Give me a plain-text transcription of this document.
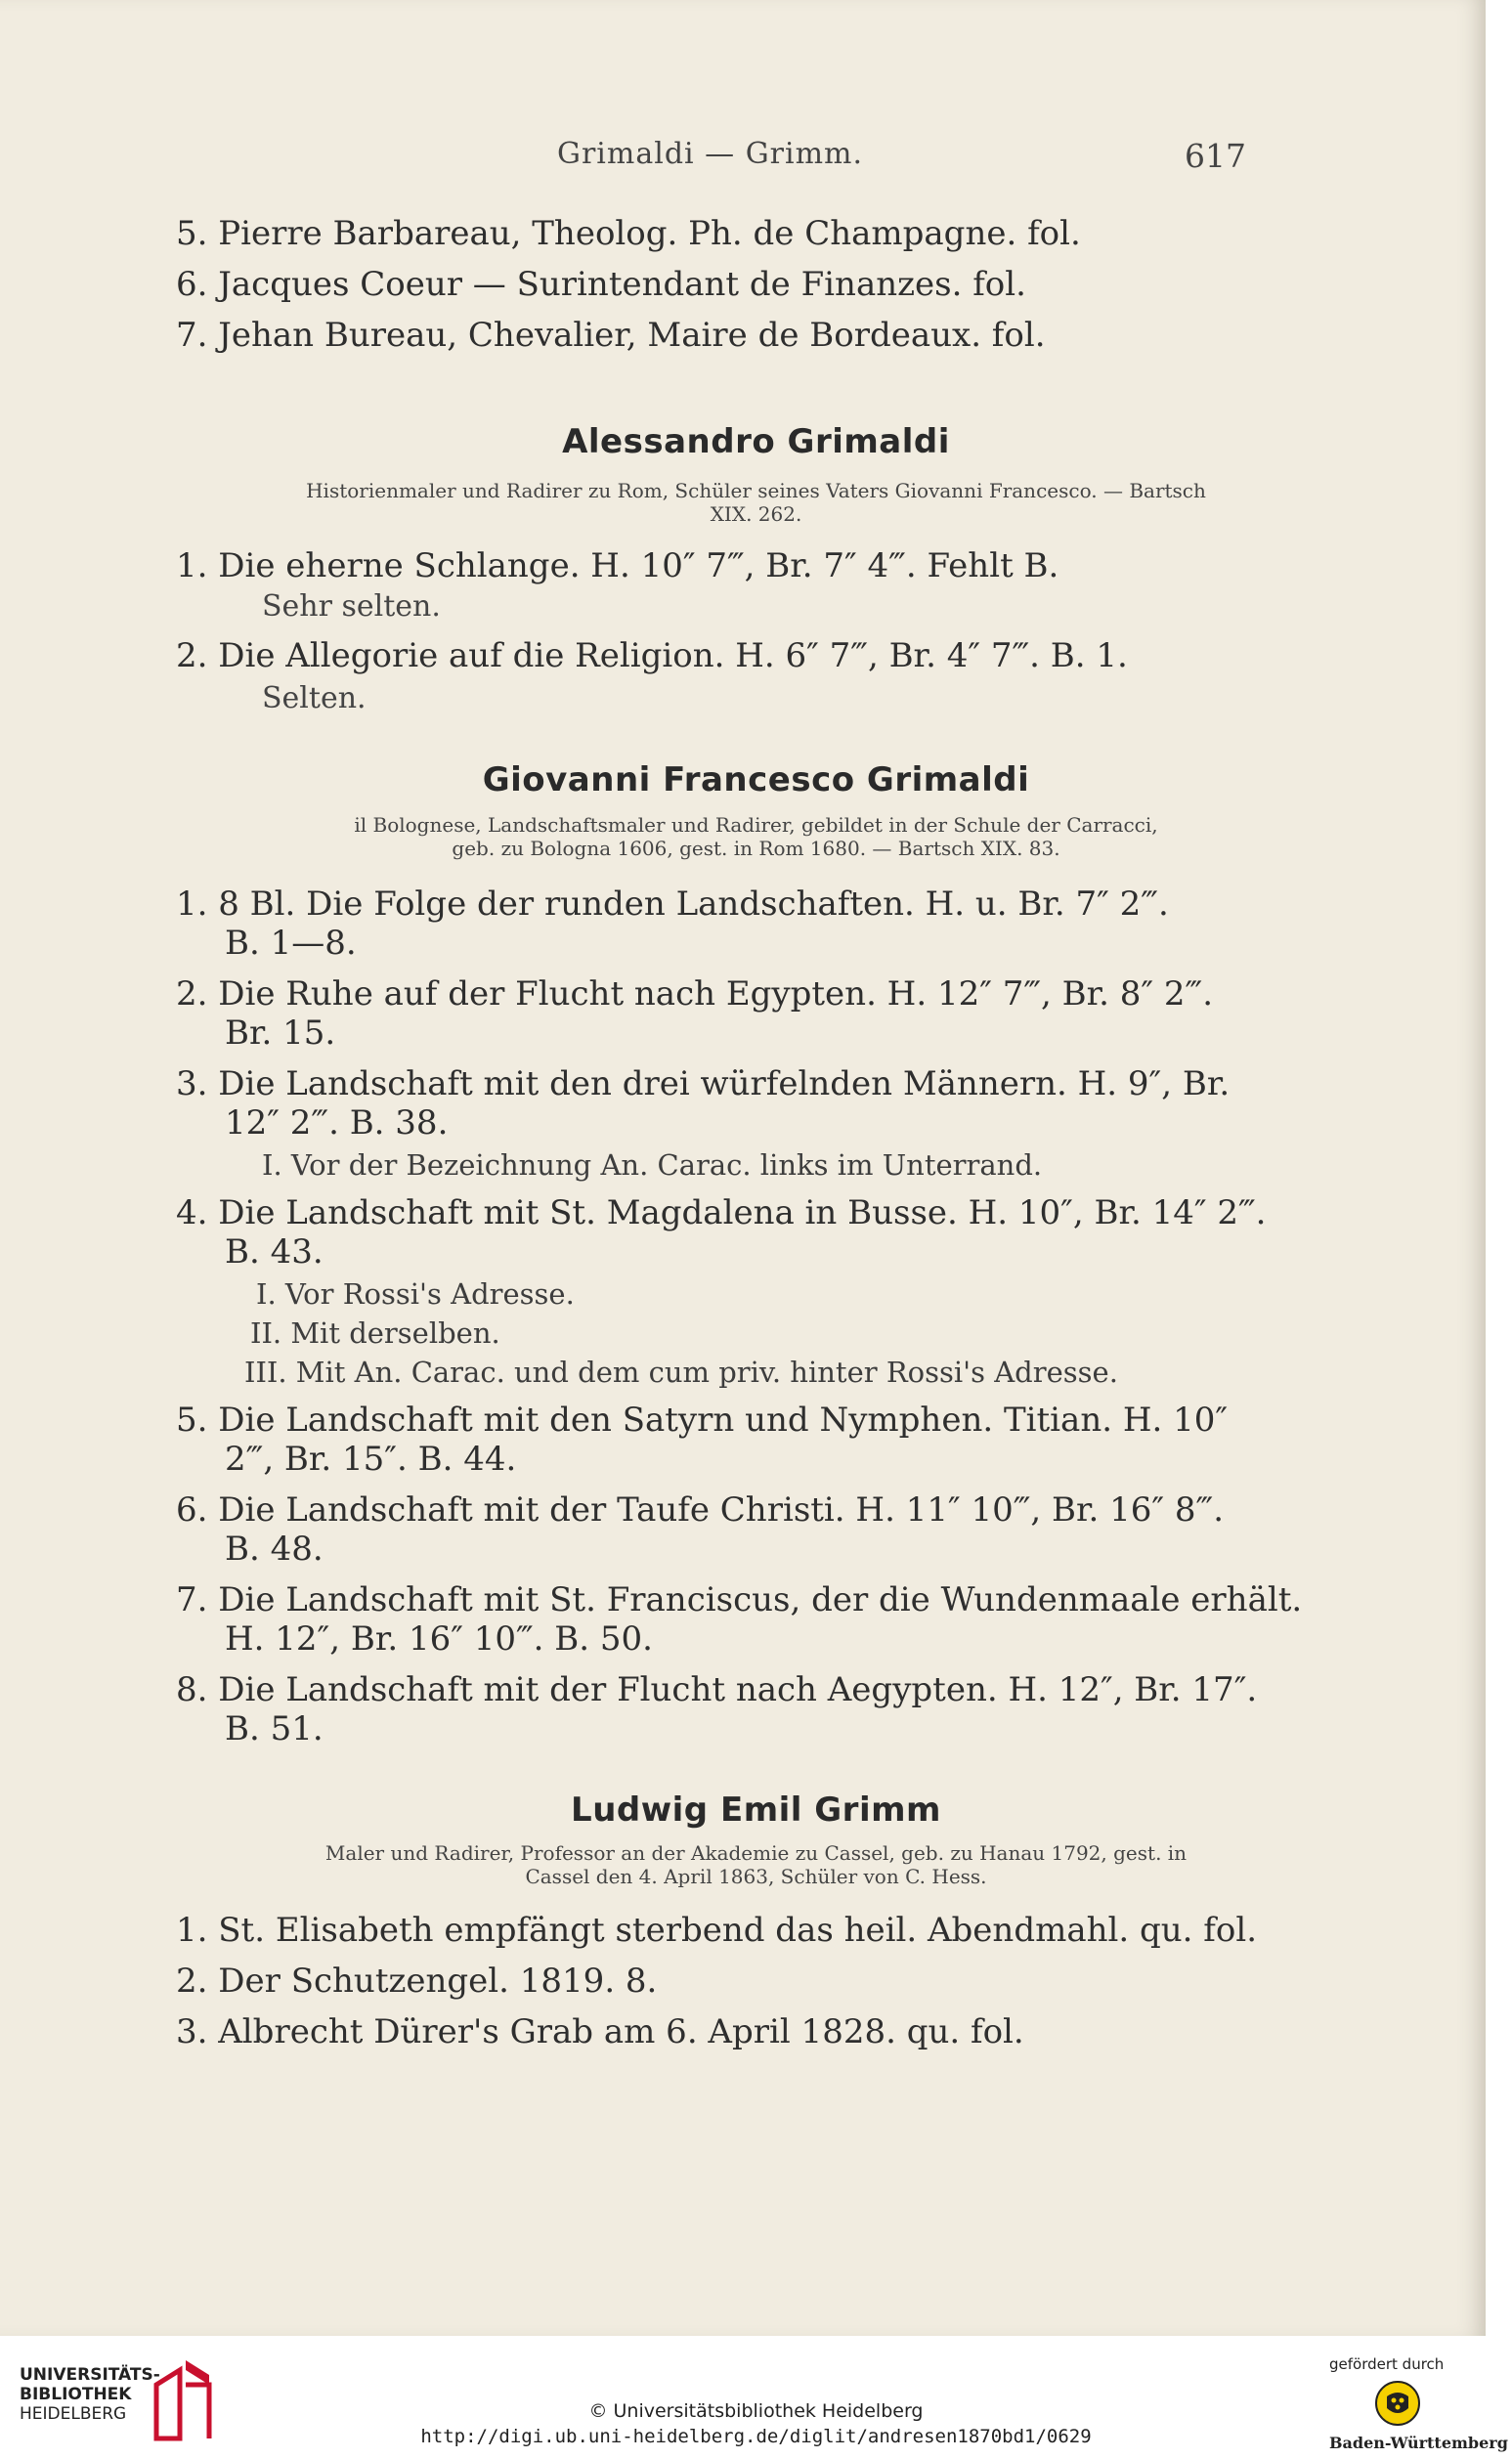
Grimaldi — Grimm.	617
5. Pierre Barbareau, Theolog. Ph. de Champagne. fol.
6. Jacques Coeur — Surintendant de Finanzes. fol.
7. Jehan Bureau, Chevalier, Maire de Bordeaux. fol.
Alessandro Grimaldi
Historienmaler und Radirer zu Rom, Schüler seines Vaters Giovanni Francesco. — Bartsch
XIX. 262.
1. Die eherne Schlange. H. 10″ 7‴, Br. 7″ 4‴. Fehlt B.
Sehr selten.
2. Die Allegorie auf die Religion. H. 6″ 7‴, Br. 4″ 7‴. B. 1.
Selten.
Giovanni Francesco Grimaldi
il Bolognese, Landschaftsmaler und Radirer, gebildet in der Schule der Carracci,
geb. zu Bologna 1606, gest. in Rom 1680. — Bartsch XIX. 83.
1. 8 Bl. Die Folge der runden Landschaften. H. u. Br. 7″ 2‴.
B. 1—8.
2. Die Ruhe auf der Flucht nach Egypten. H. 12″ 7‴, Br. 8″ 2‴.
Br. 15.
3. Die Landschaft mit den drei würfelnden Männern. H. 9″, Br.
12″ 2‴. B. 38.
I. Vor der Bezeichnung An. Carac. links im Unterrand.
4. Die Landschaft mit St. Magdalena in Busse. H. 10″, Br. 14″ 2‴.
B. 43.
I. Vor Rossi's Adresse.
II. Mit derselben.
III. Mit An. Carac. und dem cum priv. hinter Rossi's Adresse.
5. Die Landschaft mit den Satyrn und Nymphen. Titian. H. 10″
2‴, Br. 15″. B. 44.
6. Die Landschaft mit der Taufe Christi. H. 11″ 10‴, Br. 16″ 8‴.
B. 48.
7. Die Landschaft mit St. Franciscus, der die Wundenmaale erhält.
H. 12″, Br. 16″ 10‴. B. 50.
8. Die Landschaft mit der Flucht nach Aegypten. H. 12″, Br. 17″.
B. 51.
Ludwig Emil Grimm
Maler und Radirer, Professor an der Akademie zu Cassel, geb. zu Hanau 1792, gest. in
Cassel den 4. April 1863, Schüler von C. Hess.
1. St. Elisabeth empfängt sterbend das heil. Abendmahl. qu. fol.
2. Der Schutzengel. 1819. 8.
3. Albrecht Dürer's Grab am 6. April 1828. qu. fol.
UNIVERSITÄTS-
BIBLIOTHEK
HEIDELBERG	© Universitätsbibliothek Heidelberg
http://digi.ub.uni-heidelberg.de/diglit/andresen1870bd1/0629
gefördert durch
Baden-Württemberg
